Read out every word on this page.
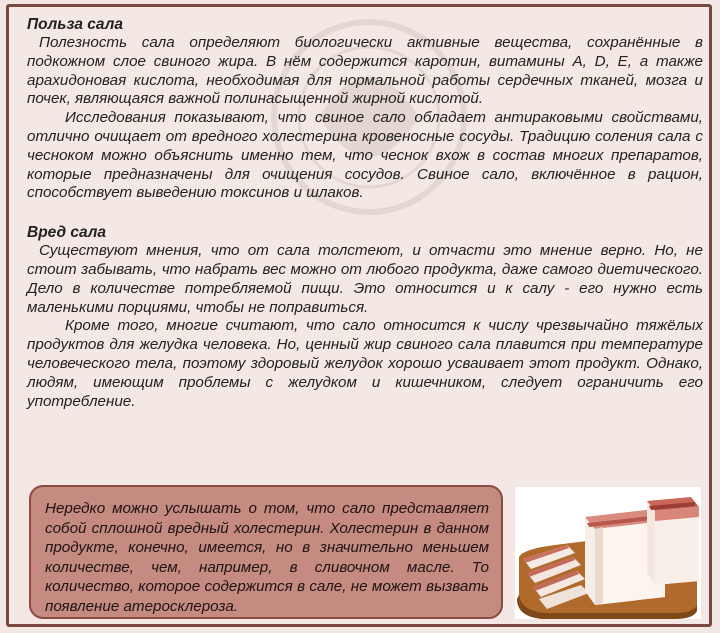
Польза сала

Полезность сала определяют биологически активные вещества, сохранённые в подкожном слое свиного жира. В нём содержится каротин, витамины A, D, E, а также арахидоновая кислота, необходимая для нормальной работы сердечных тканей, мозга и почек, являющаяся важной полинасыщенной жирной кислотой.

Исследования показывают, что свиное сало обладает антираковыми свойствами, отлично очищает от вредного холестерина кровеносные сосуды. Традицию соления сала с чесноком можно объяснить именно тем, что чеснок вхож в состав многих препаратов, которые предназначены для очищения сосудов. Свиное сало, включённое в рацион, способствует выведению токсинов и шлаков.

Вред сала

Существуют мнения, что от сала толстеют, и отчасти это мнение верно. Но, не стоит забывать, что набрать вес можно от любого продукта, даже самого диетического. Дело в количестве потребляемой пищи. Это относится и к салу - его нужно есть маленькими порциями, чтобы не поправиться.

Кроме того, многие считают, что сало относится к числу чрезвычайно тяжёлых продуктов для желудка человека. Но, ценный жир свиного сала плавится при температуре человеческого тела, поэтому здоровый желудок хорошо усваивает этот продукт. Однако, людям, имеющим проблемы с желудком и кишечником, следует ограничить его употребление.

Нередко можно услышать о том, что сало представляет собой сплошной вредный холестерин. Холестерин в данном продукте, конечно, имеется, но в значительно меньшем количестве, чем, например, в сливочном масле. То количество, которое содержится в сале, не может вызвать появление атеросклероза.
